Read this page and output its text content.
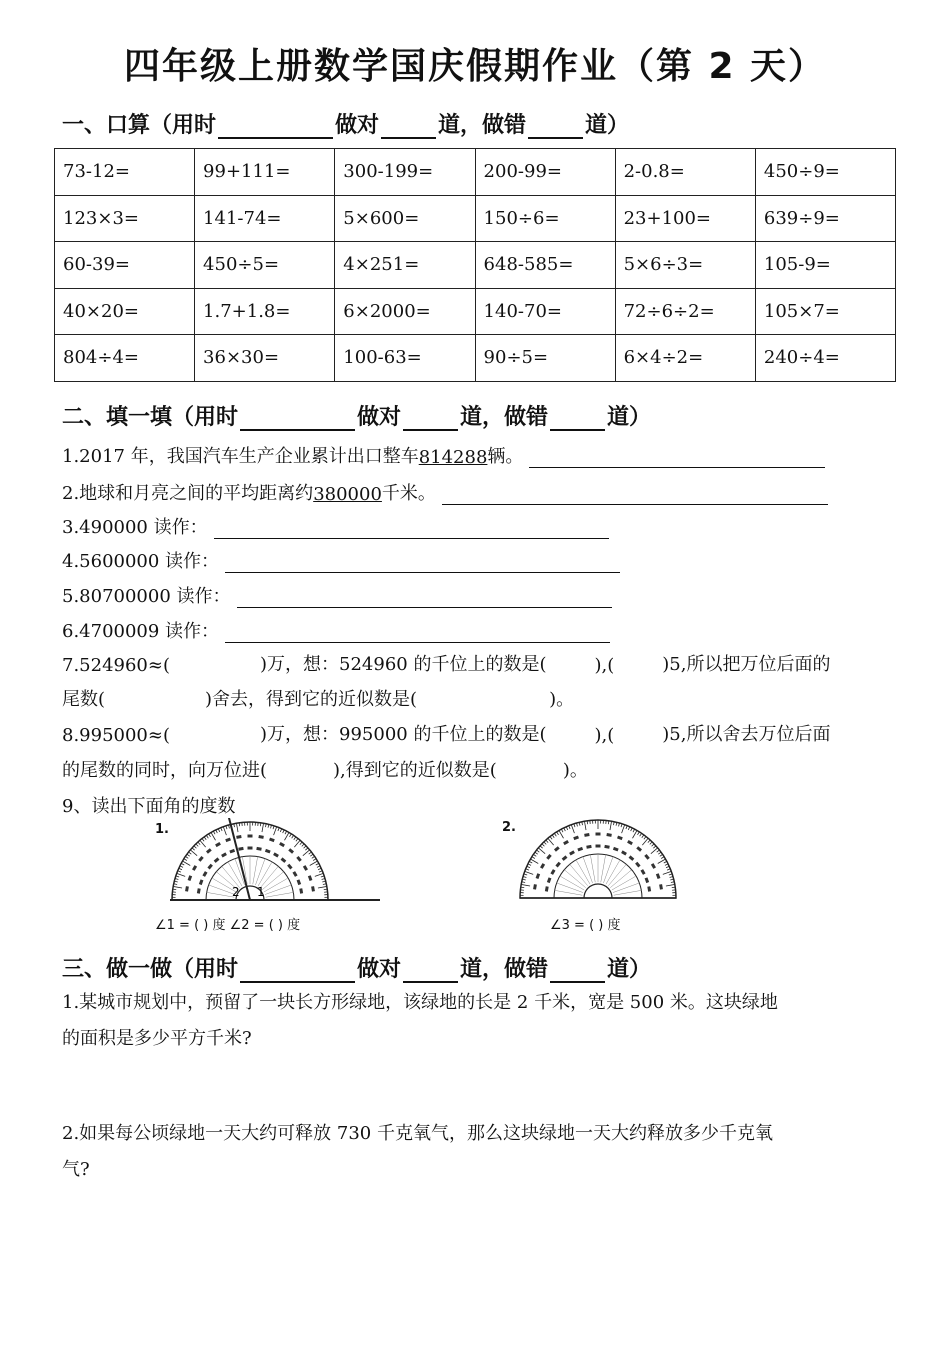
四年级上册数学国庆假期作业（第 2 天）
一、口算（用时	做对	道，做错	道）
73-12=	99+111=	300-199=	200-99=	2-0.8=	450÷9=
123×3=	141-74=	5×600=	150÷6=	23+100=	639÷9=
60-39=	450÷5=	4×251=	648-585=	5×6÷3=	105-9=
40×20=	1.7+1.8=	6×2000=	140-70=	72÷6÷2=	105×7=
804÷4=	36×30=	100-63=	90÷5=	6×4÷2=	240÷4=
二、填一填（用时	做对	道，做错	道）
1.2017 年，我国汽车生产企业累计出口整车 814288 辆。
2.地球和月亮之间的平均距离约 380000 千米。
3.490000 读作：
4.5600000 读作：
5.80700000 读作：
6.4700009 读作：
7.524960≈(	)万，想：524960 的千位上的数是(	),(	)5,所以把万位后面的
尾数(	)舍去，得到它的近似数是(	)。
8.995000≈(	)万，想：995000 的千位上的数是(	),(	)5,所以舍去万位后面
的尾数的同时，向万位进(	),得到它的近似数是(	)。
9、读出下面角的度数
1.
1
2
∠1 = ( ) 度 ∠2 = ( ) 度
2.
∠3 = ( ) 度
三、做一做（用时	做对	道，做错	道）
1.某城市规划中，预留了一块长方形绿地，该绿地的长是 2 千米，宽是 500 米。这块绿地
的面积是多少平方千米?
2.如果每公顷绿地一天大约可释放 730 千克氧气，那么这块绿地一天大约释放多少千克氧
气?
